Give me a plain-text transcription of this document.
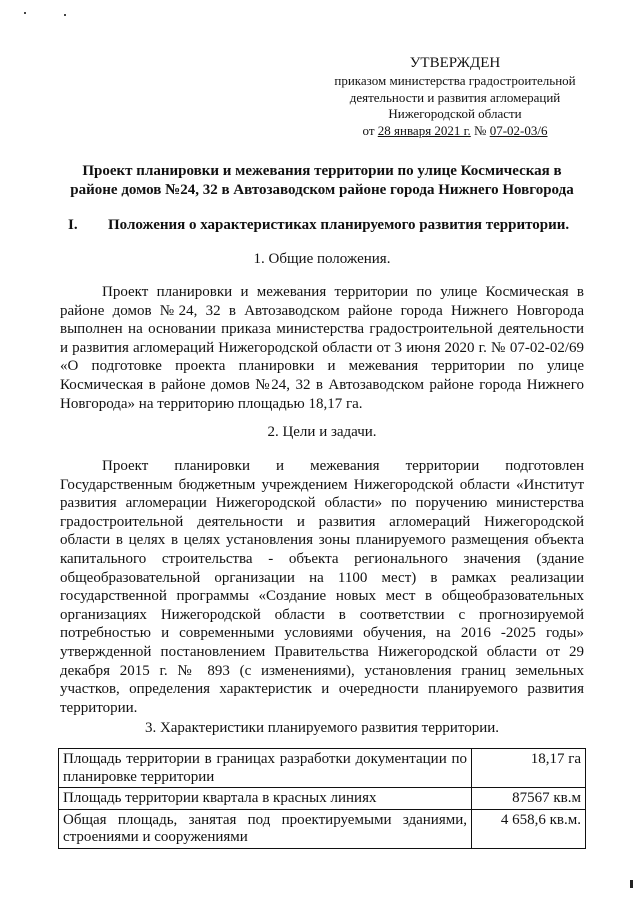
УТВЕРЖДЕН
приказом министерства градостроительной
деятельности и развития агломераций
Нижегородской области
от 28 января 2021 г. № 07-02-03/6
Проект планировки и межевания территории по улице Космическая в районе домов №24, 32 в Автозаводском районе города Нижнего Новгорода
I. Положения о характеристиках планируемого развития территории.
1. Общие положения.

Проект планировки и межевания территории по улице Космическая в районе домов №24, 32 в Автозаводском районе города Нижнего Новгорода выполнен на основании приказа министерства градостроительной деятельности и развития агломераций Нижегородской области от 3 июня 2020 г. № 07-02-02/69 «О подготовке проекта планировки и межевания территории по улице Космическая в районе домов №24, 32 в Автозаводском районе города Нижнего Новгорода» на территорию площадью 18,17 га.

2. Цели и задачи.

Проект планировки и межевания территории подготовлен Государственным бюджетным учреждением Нижегородской области «Институт развития агломерации Нижегородской области» по поручению министерства градостроительной деятельности и развития агломераций Нижегородской области в целях в целях установления зоны планируемого размещения объекта капитального строительства - объекта регионального значения (здание общеобразовательной организации на 1100 мест) в рамках реализации государственной программы «Создание новых мест в общеобразовательных организациях Нижегородской области в соответствии с прогнозируемой потребностью и современными условиями обучения, на 2016 -2025 годы» утвержденной постановлением Правительства Нижегородской области от 29 декабря 2015 г. № 893 (с изменениями), установления границ земельных участков, определения характеристик и очередности планируемого развития территории.

3. Характеристики планируемого развития территории.
Площадь территории в границах разработки документации по планировке территории	18,17 га
Площадь территории квартала в красных линиях	87567 кв.м
Общая площадь, занятая под проектируемыми зданиями, строениями и сооружениями	4 658,6 кв.м.
